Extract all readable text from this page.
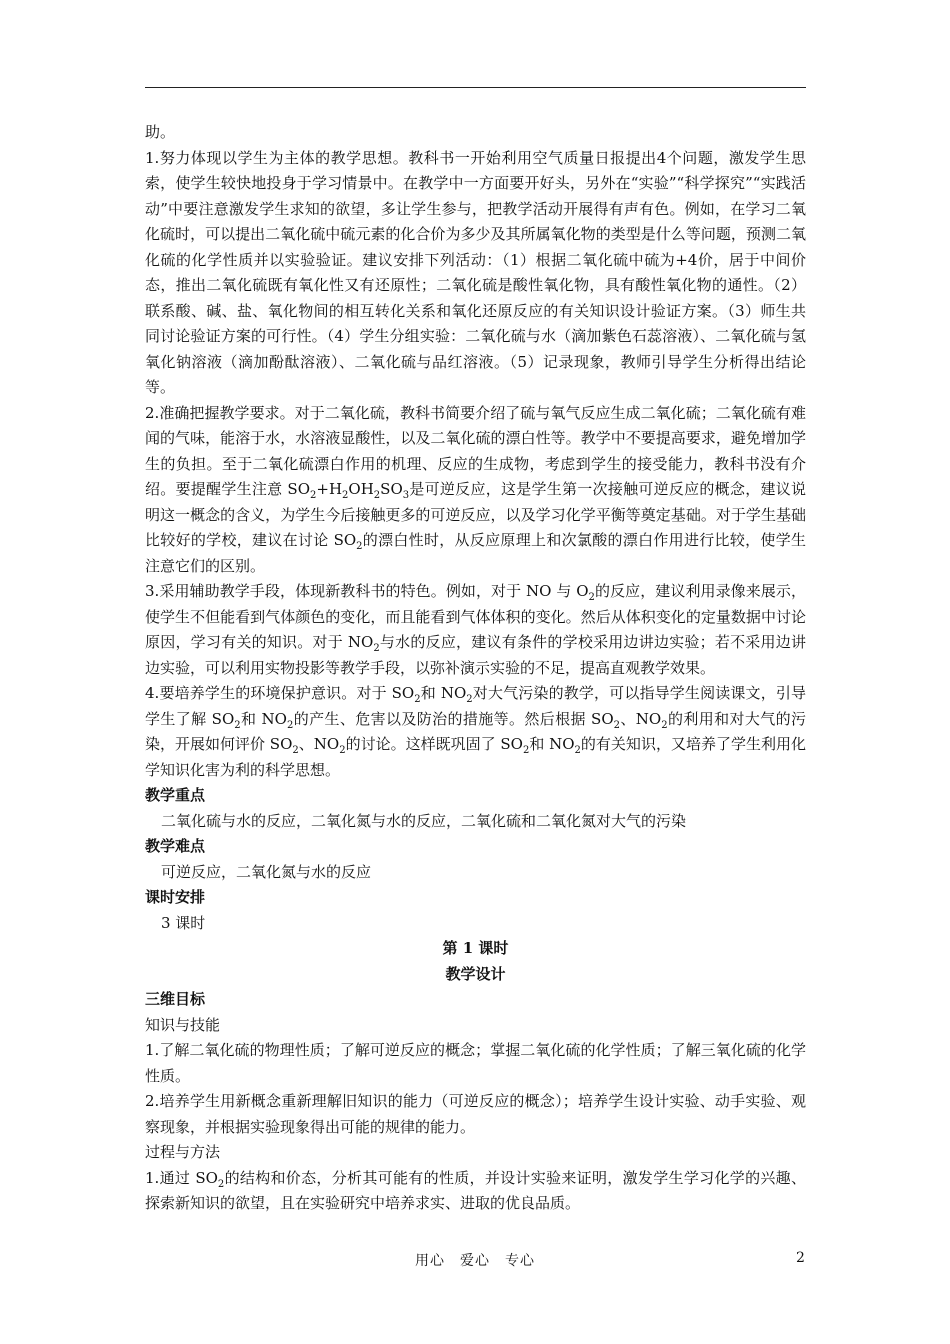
助。

1.努力体现以学生为主体的教学思想。教科书一开始利用空气质量日报提出4个问题，激发学生思索，使学生较快地投身于学习情景中。在教学中一方面要开好头，另外在“实验”“科学探究”“实践活动”中要注意激发学生求知的欲望，多让学生参与，把教学活动开展得有声有色。例如，在学习二氧化硫时，可以提出二氧化硫中硫元素的化合价为多少及其所属氧化物的类型是什么等问题，预测二氧化硫的化学性质并以实验验证。建议安排下列活动：（1）根据二氧化硫中硫为+4价，居于中间价态，推出二氧化硫既有氧化性又有还原性；二氧化硫是酸性氧化物，具有酸性氧化物的通性。（2）联系酸、碱、盐、氧化物间的相互转化关系和氧化还原反应的有关知识设计验证方案。（3）师生共同讨论验证方案的可行性。（4）学生分组实验：二氧化硫与水（滴加紫色石蕊溶液）、二氧化硫与氢氧化钠溶液（滴加酚酞溶液）、二氧化硫与品红溶液。（5）记录现象，教师引导学生分析得出结论等。

2.准确把握教学要求。对于二氧化硫，教科书简要介绍了硫与氧气反应生成二氧化硫；二氧化硫有难闻的气味，能溶于水，水溶液显酸性，以及二氧化硫的漂白性等。教学中不要提高要求，避免增加学生的负担。至于二氧化硫漂白作用的机理、反应的生成物，考虑到学生的接受能力，教科书没有介绍。要提醒学生注意 $SO_2+H_2OH_2SO_3$是可逆反应，这是学生第一次接触可逆反应的概念，建议说明这一概念的含义，为学生今后接触更多的可逆反应，以及学习化学平衡等奠定基础。对于学生基础比较好的学校，建议在讨论 $SO_2$的漂白性时，从反应原理上和次氯酸的漂白作用进行比较，使学生注意它们的区别。

3.采用辅助教学手段，体现新教科书的特色。例如，对于 NO 与 $O_2$的反应，建议利用录像来展示，使学生不但能看到气体颜色的变化，而且能看到气体体积的变化。然后从体积变化的定量数据中讨论原因，学习有关的知识。对于 $NO_2$与水的反应，建议有条件的学校采用边讲边实验；若不采用边讲边实验，可以利用实物投影等教学手段，以弥补演示实验的不足，提高直观教学效果。

4.要培养学生的环境保护意识。对于 $SO_2$和 $NO_2$对大气污染的教学，可以指导学生阅读课文，引导学生了解 $SO_2$和 $NO_2$的产生、危害以及防治的措施等。然后根据 $SO_2$、$NO_2$的利用和对大气的污染，开展如何评价 $SO_2$、$NO_2$的讨论。这样既巩固了 $SO_2$和 $NO_2$的有关知识，又培养了学生利用化学知识化害为利的科学思想。

教学重点

二氧化硫与水的反应，二氧化氮与水的反应，二氧化硫和二氧化氮对大气的污染

教学难点

可逆反应，二氧化氮与水的反应

课时安排

3 课时

第 1 课时

教学设计

三维目标

知识与技能

1.了解二氧化硫的物理性质；了解可逆反应的概念；掌握二氧化硫的化学性质；了解三氧化硫的化学性质。

2.培养学生用新概念重新理解旧知识的能力（可逆反应的概念）；培养学生设计实验、动手实验、观察现象，并根据实验现象得出可能的规律的能力。

过程与方法

1.通过 $SO_2$的结构和价态，分析其可能有的性质，并设计实验来证明，激发学生学习化学的兴趣、探索新知识的欲望，且在实验研究中培养求实、进取的优良品质。

用心　爱心　专心	2
